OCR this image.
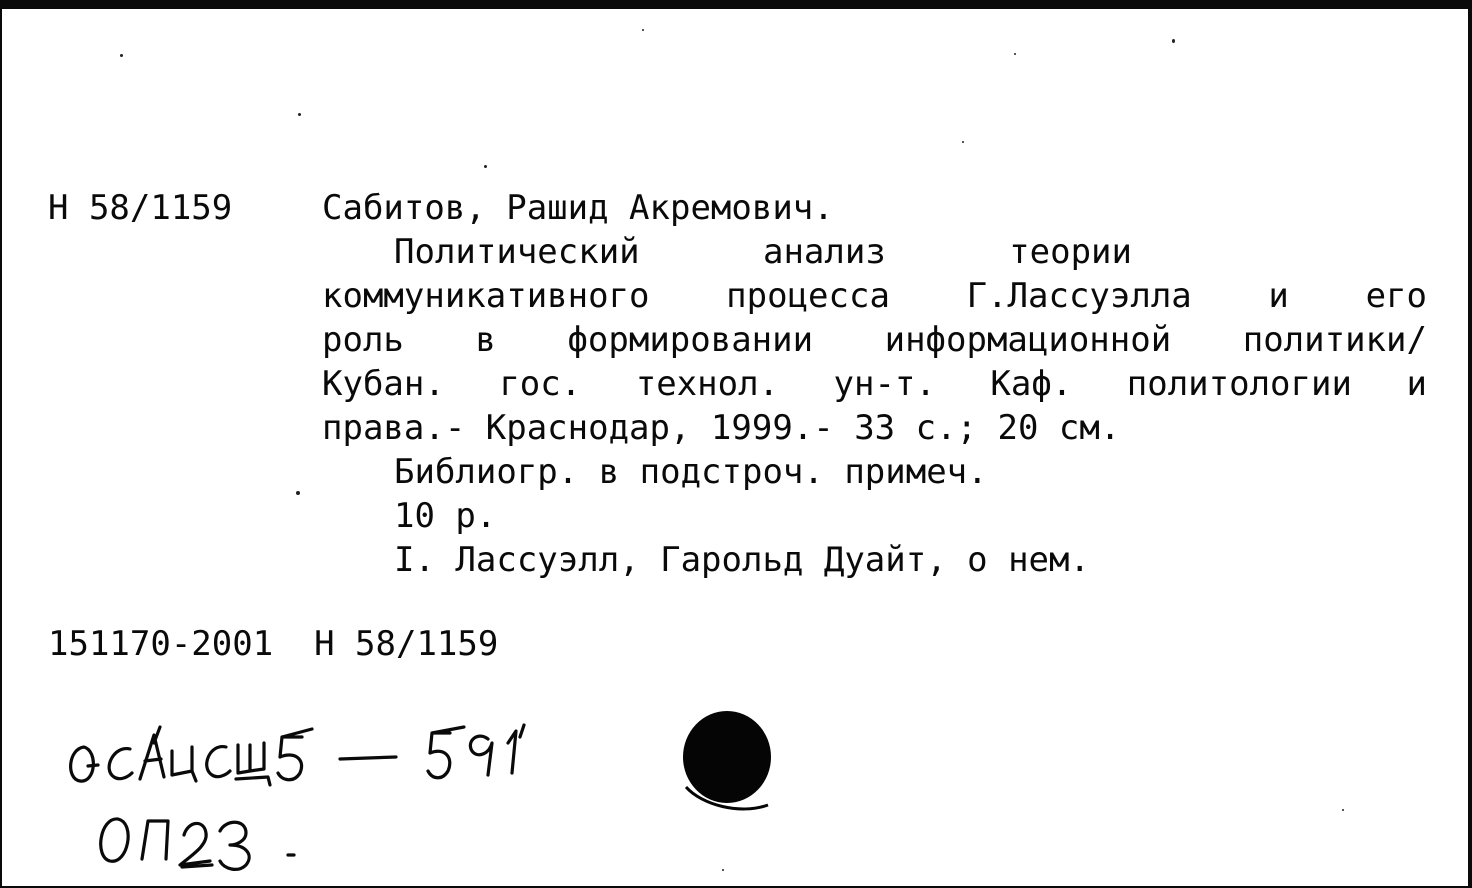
Н 58/1159	Сабитов, Рашид Акремович.
Политический	анализ	теории
коммуникативного процесса Г.Лассуэлла и его
роль в формировании информационной политики/
Кубан. гос. технол. ун-т. Каф. политологии и
права.- Краснодар, 1999.- 33 с.; 20 см.
Библиогр. в подстроч. примеч.
10 р.
I. Лассуэлл, Гарольд Дуайт, о нем.
151170-2001  Н 58/1159
